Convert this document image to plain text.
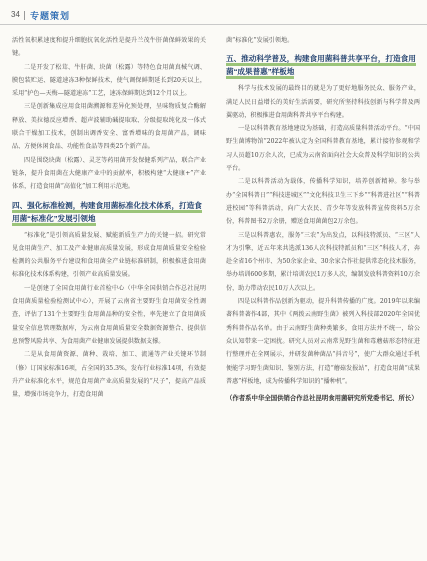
34 专题策划

活性氧积累速度和提升细胞抗氧化活性是提升兰茂牛肝菌保鲜效果的关键。

二是开发了松茸、牛肝菌、块菌（松露）等特色食用菌真械气调、膜包装贮运、隧道速冻3种保鲜技术，使气调保鲜期延长到20天以上，采用“护色—天梅—隧道速冻”工艺，速冻保鲜期达到12个月以上。

三是创新集成应用食用菌溯源和差异化预处理，呈味物质复合酶解释放、美拉德反应增香、超声波辅助碱提取取、分级提取纯化及一体式联合干燥加工技术，创制出调香安全、富香增味的食用菌产品，调味品、方便休闲食品、功能性食品等四类25个新产品。

四是围绕块菌（松露）、灵芝等药用菌开发保健系列产品，联合产业链条，提升食用菌在大健康产业中的贡献率，积极构建“大健康+”产业体系，打造食用菌“高值化”加工利用示范地。

四、强化标准检测，构建食用菌标准化技术体系，打造食用菌“标准化”发展引领地

“标准化”是引领高质量发展、赋能新质生产力的关键一招。研究常见食用菌生产、加工及产业健康高质量发展，形成食用菌质量安全检验检测的公共服务平台建设和食用菌全产业链标准研制，积极推进食用菌标准化技术体系构建，引领产业高质量发展。

一是创建了全国食用菌行业首检中心（中华全国供销合作总社昆明食用菌质量检验检测试中心），开展了云南省主要野生食用菌安全性调查，评估了131个主要野生食用菌品种的安全性，率先建立了食用菌质量安全信息管理数据库，为云南食用菌质量安全数据资源整合、提供信息预警风险共享、为食用菌产业健康发展提供数据支撑。

二是从食用菌资源、菌种、栽培、加工、流通等产业关键环节制（修）订国家标准16项，占全国的35.3%，发布行业标准14项，有效提升产业标准化水平，规范食用菌产业高质量发展的“尺子”，提高产品质量，增强市场竞争力，打造食用菌

菌“标准化”发展引领地。

五、推动科学普及，构建食用菌科普共享平台，打造食用菌“成果普惠”样板地

科学与技术发展的最终目的就是为了更好地服务民众、服务产业，满足人民日益增长的美好生活需要，研究所坚持科技创新与科学普及两翼驱动，积极推进食用菌科普共享平台构建。

一是以科普教育基地建设为基础，打造高质量科普活动平台。“中国野生菌博物馆”2022年被认定为全国科普教育基地，累计接待参观和学习人员超10万余人次，已成为云南省面向社会大众普及科学知识的公共平台。

二是以科普活动为载体，传播科学知识，培养创新精神。参与举办“全国科普日”“科技进城区”“文化科技卫生三下乡”“科普进社区”“科普进校园”等科普活动，向广大农民、青少年等发放科普宣传资料5万余份，科普图书2万余册，赠送食用菌菌包2万余包。

三是以科普惠农，服务“三农”为出发点，以科技特派员、“三区”人才为引擎，近五年来共选派136人次科技特派员和“三区”科技人才，奔赴全省16个州市、为50余家企业、30余家合作社提供常态化技术服务，举办培训600多期，累计培训农民1万多人次，编制发放科普资料10万余份，助力带动农民10万人次以上。

四是以科普作品创新为驱动，提升科普传播的广度。2019年以来编著科普著作4部，其中《两拨云南野生菌》被列入科技部2020年全国优秀科普作品名单。由于云南野生菌种类繁多，食用方法并不统一，给公众认知带来一定困扰。研究人员对云南常见野生菌和毒蘑菇形态特征进行整理并在全网展示，并研发菌种菌品“抖音号”，使广大群众通过手机便能学习野生菌知识、鉴别方法，打造“蘑菇发报站”，打造食用菌“成果普惠”样板地，成为传播科学知识的“播种机”。

（作者系中华全国供销合作总社昆明食用菌研究所党委书记、所长）
